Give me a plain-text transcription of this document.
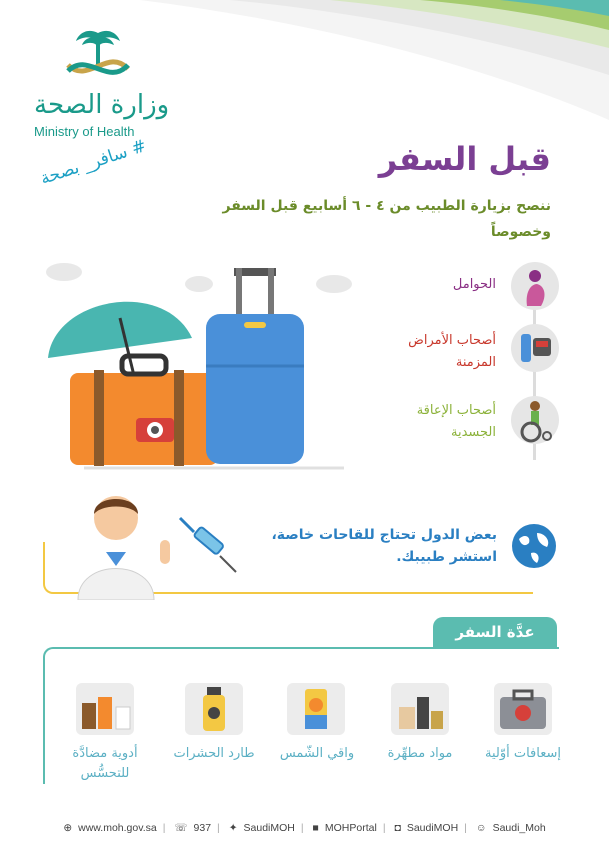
وزارة الصحة
Ministry of Health
قبل السفر
# سافر_ بصحة
ننصح بزيارة الطبيب من ٤ - ٦ أسابيع قبل السفر وخصوصاً
الحوامل
أصحاب الأمراض المزمنة
أصحاب الإعاقة الجسدية
بعض الدول تحتاج للقاحات خاصة،
استشر طبيبك.
عدَّة السفر
إسعافات أوّلية
مواد مطهِّرة
واقي الشّمس
طارد الحشرات
أدوية مضادَّة للتحسُّس
⊕ www.moh.gov.sa | ☏ 937 | ✦ SaudiMOH | ■ MOHPortal | ◘ SaudiMOH | ☺ Saudi_Moh
